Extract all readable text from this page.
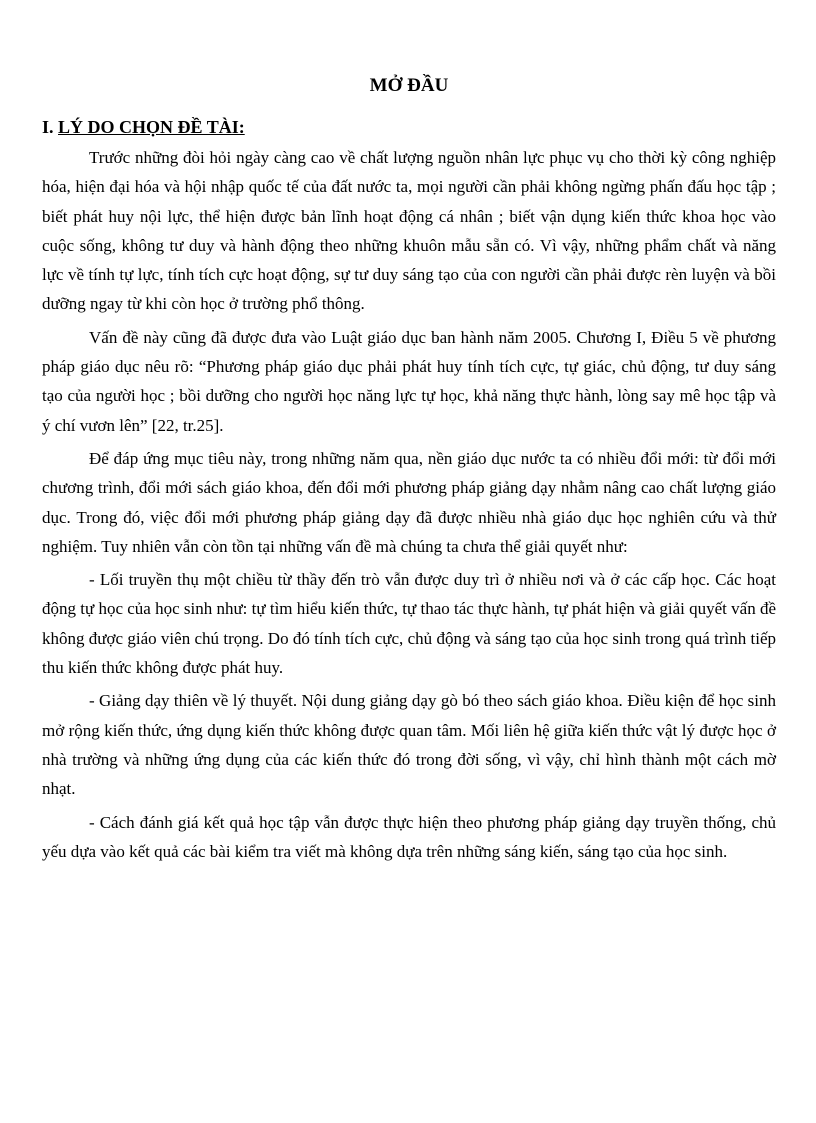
MỞ ĐẦU
I. LÝ DO CHỌN ĐỀ TÀI:

Trước những đòi hỏi ngày càng cao về chất lượng nguồn nhân lực phục vụ cho thời kỳ công nghiệp hóa, hiện đại hóa và hội nhập quốc tế của đất nước ta, mọi người cần phải không ngừng phấn đấu học tập ; biết phát huy nội lực, thể hiện được bản lĩnh hoạt động cá nhân ; biết vận dụng kiến thức khoa học vào cuộc sống, không tư duy và hành động theo những khuôn mẫu sẵn có. Vì vậy, những phẩm chất và năng lực về tính tự lực, tính tích cực hoạt động, sự tư duy sáng tạo của con người cần phải được rèn luyện và bồi dưỡng ngay từ khi còn học ở trường phổ thông.

Vấn đề này cũng đã được đưa vào Luật giáo dục ban hành năm 2005. Chương I, Điều 5 về phương pháp giáo dục nêu rõ: “Phương pháp giáo dục phải phát huy tính tích cực, tự giác, chủ động, tư duy sáng tạo của người học ; bồi dưỡng cho người học năng lực tự học, khả năng thực hành, lòng say mê học tập và ý chí vươn lên” [22, tr.25].

Để đáp ứng mục tiêu này, trong những năm qua, nền giáo dục nước ta có nhiều đổi mới: từ đổi mới chương trình, đổi mới sách giáo khoa, đến đổi mới phương pháp giảng dạy nhằm nâng cao chất lượng giáo dục. Trong đó, việc đổi mới phương pháp giảng dạy đã được nhiều nhà giáo dục học nghiên cứu và thử nghiệm. Tuy nhiên vẫn còn tồn tại những vấn đề mà chúng ta chưa thể giải quyết như:

- Lối truyền thụ một chiều từ thầy đến trò vẫn được duy trì ở nhiều nơi và ở các cấp học. Các hoạt động tự học của học sinh như: tự tìm hiểu kiến thức, tự thao tác thực hành, tự phát hiện và giải quyết vấn đề không được giáo viên chú trọng. Do đó tính tích cực, chủ động và sáng tạo của học sinh trong quá trình tiếp thu kiến thức không được phát huy.

- Giảng dạy thiên về lý thuyết. Nội dung giảng dạy gò bó theo sách giáo khoa. Điều kiện để học sinh mở rộng kiến thức, ứng dụng kiến thức không được quan tâm. Mối liên hệ giữa kiến thức vật lý được học ở nhà trường và những ứng dụng của các kiến thức đó trong đời sống, vì vậy, chỉ hình thành một cách mờ nhạt.

- Cách đánh giá kết quả học tập vẫn được thực hiện theo phương pháp giảng dạy truyền thống, chủ yếu dựa vào kết quả các bài kiểm tra viết mà không dựa trên những sáng kiến, sáng tạo của học sinh.
